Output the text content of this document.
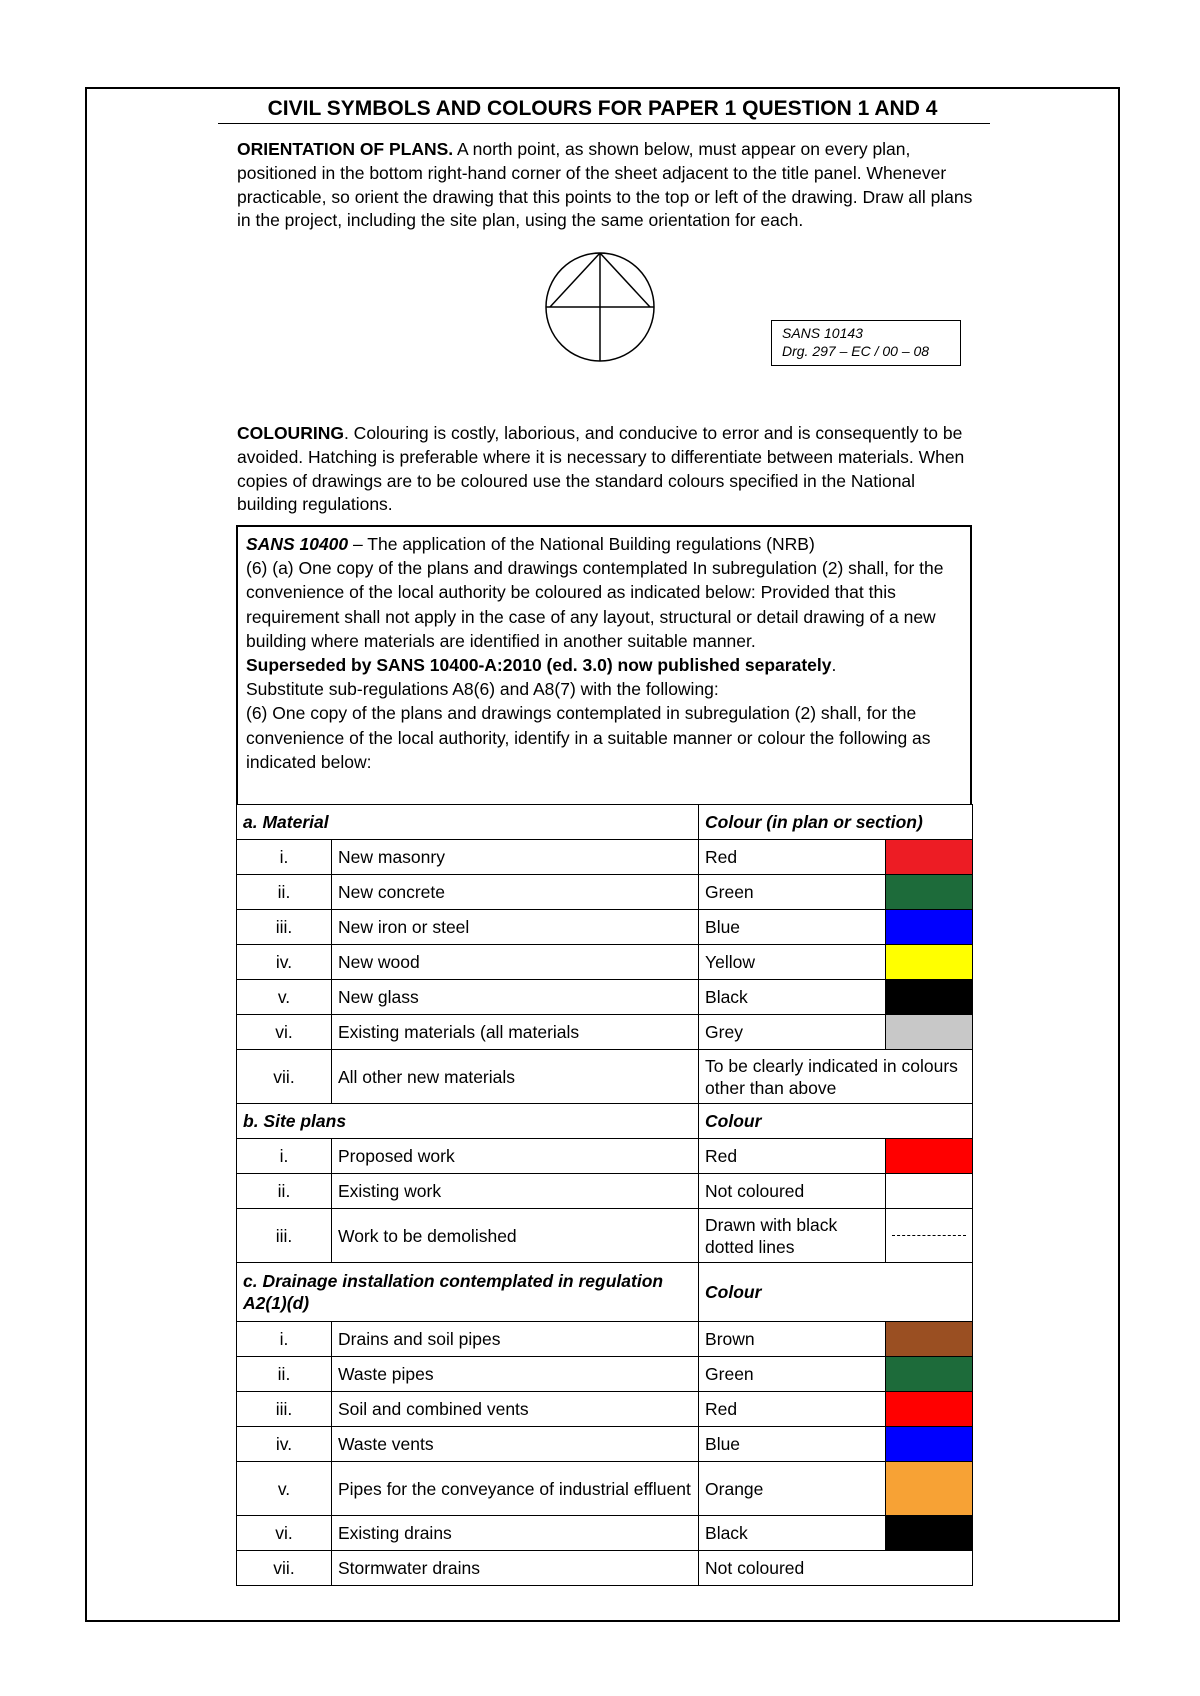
CIVIL SYMBOLS AND COLOURS FOR PAPER 1 QUESTION 1 AND 4

ORIENTATION OF PLANS. A north point, as shown below, must appear on every plan, positioned in the bottom right-hand corner of the sheet adjacent to the title panel. Whenever practicable, so orient the drawing that this points to the top or left of the drawing. Draw all plans in the project, including the site plan, using the same orientation for each.

SANS 10143
Drg. 297 – EC / 00 – 08

COLOURING. Colouring is costly, laborious, and conducive to error and is consequently to be avoided. Hatching is preferable where it is necessary to differentiate between materials. When copies of drawings are to be coloured use the standard colours specified in the National building regulations.

SANS 10400 – The application of the National Building regulations (NRB)

(6) (a) One copy of the plans and drawings contemplated In subregulation (2) shall, for the convenience of the local authority be coloured as indicated below: Provided that this requirement shall not apply in the case of any layout, structural or detail drawing of a new building where materials are identified in another suitable manner.

Superseded by SANS 10400-A:2010 (ed. 3.0) now published separately.

Substitute sub-regulations A8(6) and A8(7) with the following:

(6) One copy of the plans and drawings contemplated in subregulation (2) shall, for the convenience of the local authority, identify in a suitable manner or colour the following as indicated below:

a. Material		Colour (in plan or section)	
i.	New masonry	Red	
ii.	New concrete	Green	
iii.	New iron or steel	Blue	
iv.	New wood	Yellow	
v.	New glass	Black	
vi.	Existing materials (all materials	Grey	
vii.	All other new materials	To be clearly indicated in colours other than above	
b. Site plans		Colour	
i.	Proposed work	Red	
ii.	Existing work	Not coloured	
iii.	Work to be demolished	Drawn with black dotted lines	

c. Drainage installation contemplated in regulation A2(1)(d)		Colour	
i.	Drains and soil pipes	Brown	
ii.	Waste pipes	Green	
iii.	Soil and combined vents	Red	
iv.	Waste vents	Blue	
v.	Pipes for the conveyance of industrial effluent	Orange	
vi.	Existing drains	Black	
vii.	Stormwater drains	Not coloured	
